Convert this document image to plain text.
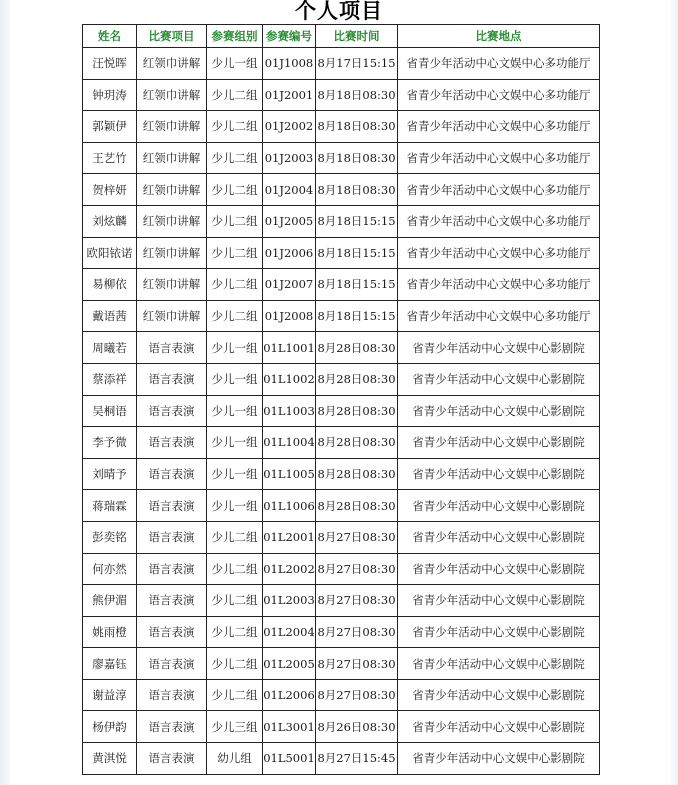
个人项目
姓名	比赛项目	参赛组别	参赛编号	比赛时间	比赛地点
汪悦晖	红领巾讲解	少儿一组	01J1008	8月17日15:15	省青少年活动中心文娱中心多功能厅
钟玥涛	红领巾讲解	少儿二组	01J2001	8月18日08:30	省青少年活动中心文娱中心多功能厅
郭颖伊	红领巾讲解	少儿二组	01J2002	8月18日08:30	省青少年活动中心文娱中心多功能厅
王艺竹	红领巾讲解	少儿二组	01J2003	8月18日08:30	省青少年活动中心文娱中心多功能厅
贺梓妍	红领巾讲解	少儿二组	01J2004	8月18日08:30	省青少年活动中心文娱中心多功能厅
刘炫麟	红领巾讲解	少儿二组	01J2005	8月18日15:15	省青少年活动中心文娱中心多功能厅
欧阳铱诺	红领巾讲解	少儿二组	01J2006	8月18日15:15	省青少年活动中心文娱中心多功能厅
易柳依	红领巾讲解	少儿二组	01J2007	8月18日15:15	省青少年活动中心文娱中心多功能厅
戴语茜	红领巾讲解	少儿二组	01J2008	8月18日15:15	省青少年活动中心文娱中心多功能厅
周曦若	语言表演	少儿一组	01L1001	8月28日08:30	省青少年活动中心文娱中心影剧院
蔡添祥	语言表演	少儿一组	01L1002	8月28日08:30	省青少年活动中心文娱中心影剧院
吴桐语	语言表演	少儿一组	01L1003	8月28日08:30	省青少年活动中心文娱中心影剧院
李予微	语言表演	少儿一组	01L1004	8月28日08:30	省青少年活动中心文娱中心影剧院
刘晴予	语言表演	少儿一组	01L1005	8月28日08:30	省青少年活动中心文娱中心影剧院
蒋瑞霖	语言表演	少儿一组	01L1006	8月28日08:30	省青少年活动中心文娱中心影剧院
彭奕铭	语言表演	少儿二组	01L2001	8月27日08:30	省青少年活动中心文娱中心影剧院
何亦然	语言表演	少儿二组	01L2002	8月27日08:30	省青少年活动中心文娱中心影剧院
熊伊湄	语言表演	少儿二组	01L2003	8月27日08:30	省青少年活动中心文娱中心影剧院
姚雨橙	语言表演	少儿二组	01L2004	8月27日08:30	省青少年活动中心文娱中心影剧院
廖嘉钰	语言表演	少儿二组	01L2005	8月27日08:30	省青少年活动中心文娱中心影剧院
谢益淳	语言表演	少儿二组	01L2006	8月27日08:30	省青少年活动中心文娱中心影剧院
杨伊韵	语言表演	少儿三组	01L3001	8月26日08:30	省青少年活动中心文娱中心影剧院
黄淇悦	语言表演	幼儿组	01L5001	8月27日15:45	省青少年活动中心文娱中心影剧院
